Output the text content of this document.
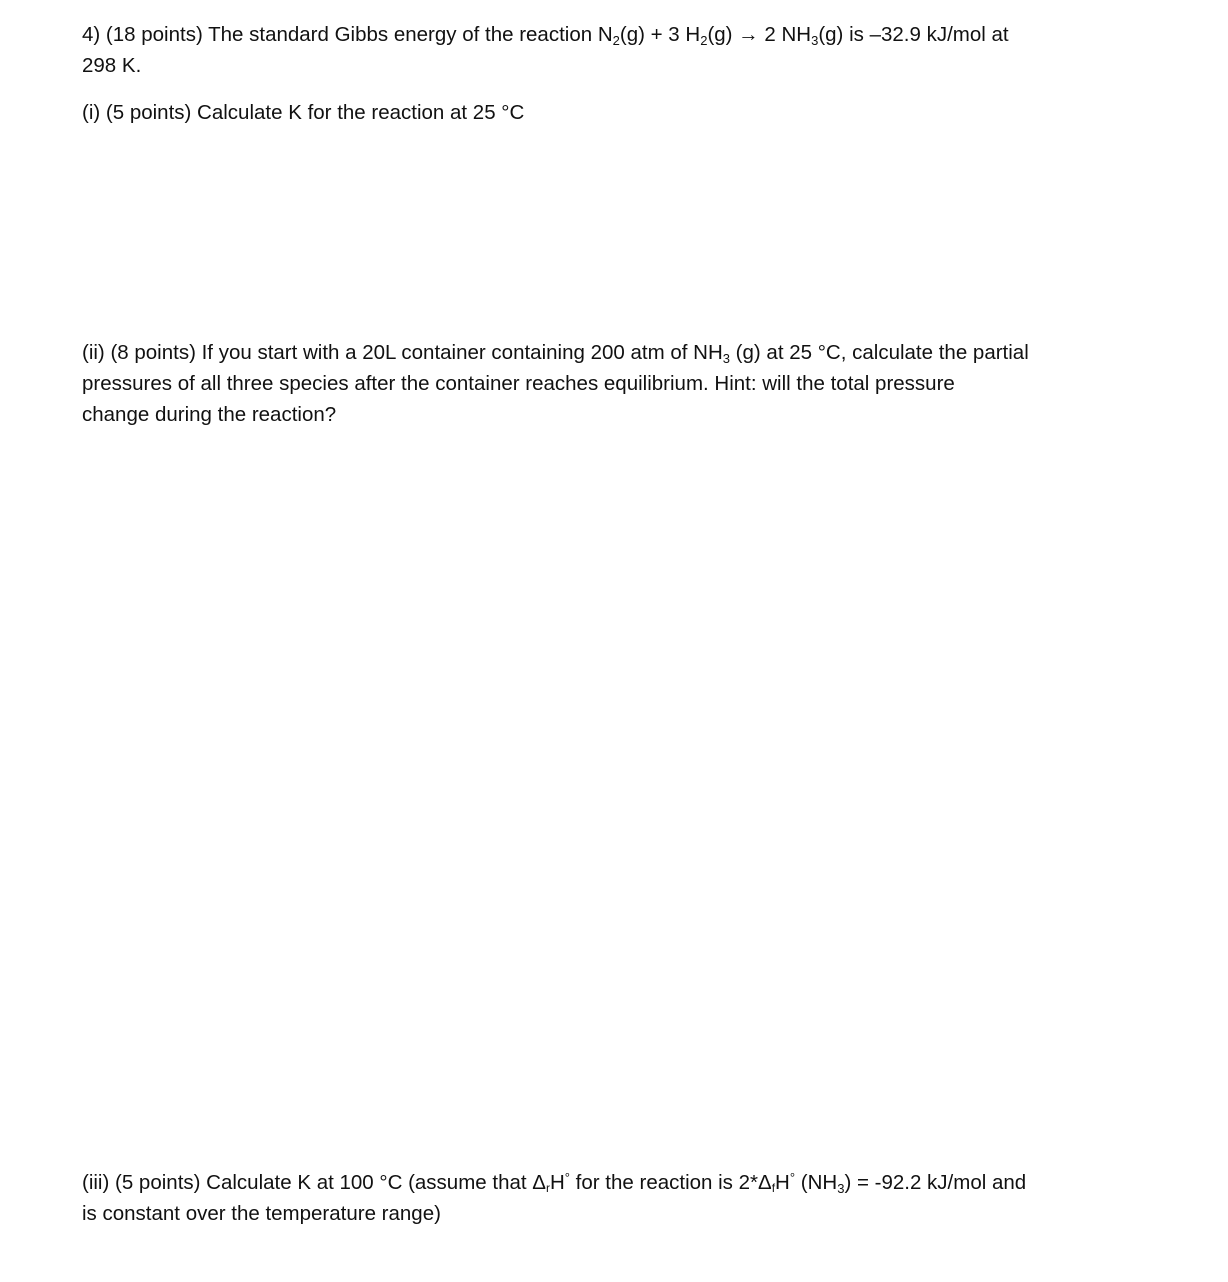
4) (18 points) The standard Gibbs energy of the reaction $N_2(g) + 3$ $H_2(g) \to 2$ $NH_3(g)$ is –32.9 kJ/mol at
298 K.
(i) (5 points) Calculate K for the reaction at 25 °C
(ii) (8 points) If you start with a 20L container containing 200 atm of $NH_3$ (g) at 25 °C, calculate the partial
pressures of all three species after the container reaches equilibrium. Hint: will the total pressure
change during the reaction?
(iii) (5 points) Calculate K at 100 °C (assume that ΔrH° for the reaction is 2*ΔfH° $(NH_3) = -92.2$ kJ/mol and
is constant over the temperature range)
